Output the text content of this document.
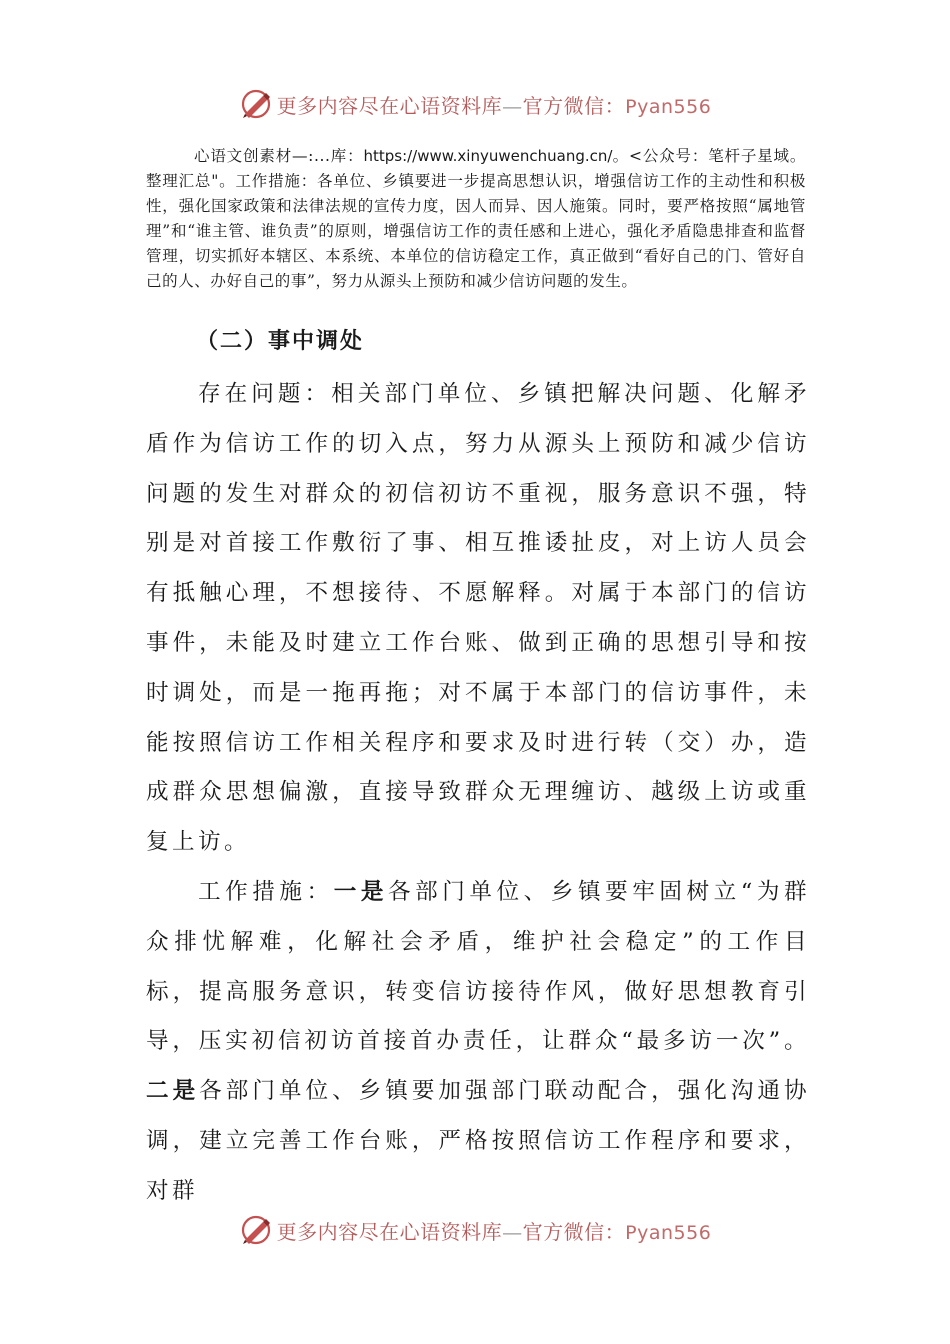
更多内容尽在心语资料库—官方微信：Pyan556

心语文创素材—:...库：https://www.xinyuwenchuang.cn/。<公众号：笔杆子星域。整理汇总"。工作措施：各单位、乡镇要进一步提高思想认识，增强信访工作的主动性和积极性，强化国家政策和法律法规的宣传力度，因人而异、因人施策。同时，要严格按照“属地管理”和“谁主管、谁负责”的原则，增强信访工作的责任感和上进心，强化矛盾隐患排查和监督管理，切实抓好本辖区、本系统、本单位的信访稳定工作，真正做到“看好自己的门、管好自己的人、办好自己的事”，努力从源头上预防和减少信访问题的发生。

（二）事中调处

存在问题：相关部门单位、乡镇把解决问题、化解矛盾作为信访工作的切入点，努力从源头上预防和减少信访问题的发生对群众的初信初访不重视，服务意识不强，特别是对首接工作敷衍了事、相互推诿扯皮，对上访人员会有抵触心理，不想接待、不愿解释。对属于本部门的信访事件，未能及时建立工作台账、做到正确的思想引导和按时调处，而是一拖再拖；对不属于本部门的信访事件，未能按照信访工作相关程序和要求及时进行转（交）办，造成群众思想偏激，直接导致群众无理缠访、越级上访或重复上访。

工作措施：一是各部门单位、乡镇要牢固树立“为群众排忧解难，化解社会矛盾，维护社会稳定”的工作目标，提高服务意识，转变信访接待作风，做好思想教育引导，压实初信初访首接首办责任，让群众“最多访一次”。二是各部门单位、乡镇要加强部门联动配合，强化沟通协调，建立完善工作台账，严格按照信访工作程序和要求，对群

更多内容尽在心语资料库—官方微信：Pyan556
